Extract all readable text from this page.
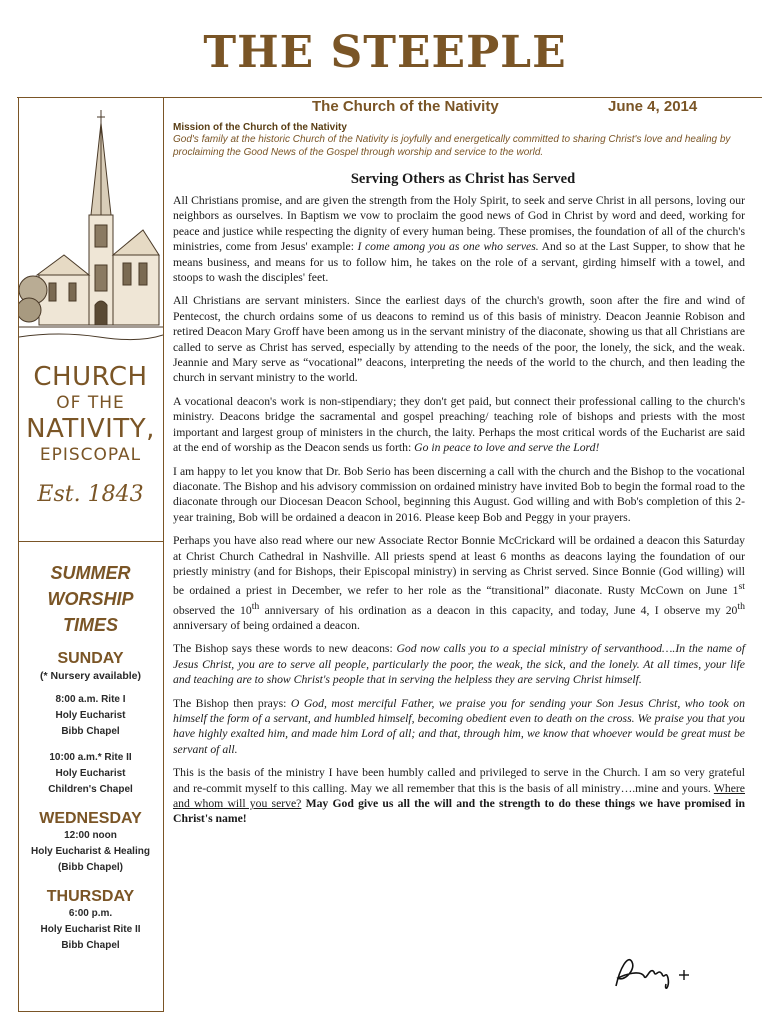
THE STEEPLE
CHURCH
OF THE
NATIVITY,
EPISCOPAL
Est. 1843
SUMMER
WORSHIP
TIMES
SUNDAY
(* Nursery available)
8:00 a.m. Rite I
Holy Eucharist
Bibb Chapel
10:00 a.m.* Rite II
Holy Eucharist
Children's Chapel
WEDNESDAY
12:00 noon
Holy Eucharist & Healing
(Bibb Chapel)
THURSDAY
6:00 p.m.
Holy Eucharist Rite II
Bibb Chapel
The Church of the Nativity	June 4, 2014
Mission of the Church of the Nativity
God's family at the historic Church of the Nativity is joyfully and energetically committed to sharing Christ's love and healing by proclaiming the Good News of the Gospel through worship and service to the world.
Serving Others as Christ has Served

All Christians promise, and are given the strength from the Holy Spirit, to seek and serve Christ in all persons, loving our neighbors as ourselves. In Baptism we vow to proclaim the good news of God in Christ by word and deed, working for peace and justice while respecting the dignity of every human being. These promises, the foundation of all of the church's ministries, come from Jesus' example: I come among you as one who serves. And so at the Last Supper, to show that he means business, and means for us to follow him, he takes on the role of a servant, girding himself with a towel, and stoops to wash the disciples' feet.

All Christians are servant ministers. Since the earliest days of the church's growth, soon after the fire and wind of Pentecost, the church ordains some of us deacons to remind us of this basis of ministry. Deacon Jeannie Robison and retired Deacon Mary Groff have been among us in the servant ministry of the diaconate, showing us that all Christians are called to serve as Christ has served, especially by attending to the needs of the poor, the lonely, the sick, and the weak. Jeannie and Mary serve as “vocational” deacons, interpreting the needs of the world to the church, and then leading the church in servant ministry to the world.

A vocational deacon's work is non-stipendiary; they don't get paid, but connect their professional calling to the church's ministry. Deacons bridge the sacramental and gospel preaching/ teaching role of bishops and priests with the most important and largest group of ministers in the church, the laity. Perhaps the most critical words of the Eucharist are said at the end of worship as the Deacon sends us forth: Go in peace to love and serve the Lord!

I am happy to let you know that Dr. Bob Serio has been discerning a call with the church and the Bishop to the vocational diaconate. The Bishop and his advisory commission on ordained ministry have invited Bob to begin the formal road to the diaconate through our Diocesan Deacon School, beginning this August. God willing and with Bob's completion of this 2-year training, Bob will be ordained a deacon in 2016. Please keep Bob and Peggy in your prayers.

Perhaps you have also read where our new Associate Rector Bonnie McCrickard will be ordained a deacon this Saturday at Christ Church Cathedral in Nashville. All priests spend at least 6 months as deacons laying the foundation of our priestly ministry (and for Bishops, their Episcopal ministry) in serving as Christ served. Since Bonnie (God willing) will be ordained a priest in December, we refer to her role as the “transitional” diaconate. Rusty McCown on June 1st observed the 10th anniversary of his ordination as a deacon in this capacity, and today, June 4, I observe my 20th anniversary of being ordained a deacon.

The Bishop says these words to new deacons: God now calls you to a special ministry of servanthood….In the name of Jesus Christ, you are to serve all people, particularly the poor, the weak, the sick, and the lonely. At all times, your life and teaching are to show Christ's people that in serving the helpless they are serving Christ himself.

The Bishop then prays: O God, most merciful Father, we praise you for sending your Son Jesus Christ, who took on himself the form of a servant, and humbled himself, becoming obedient even to death on the cross. We praise you that you have highly exalted him, and made him Lord of all; and that, through him, we know that whoever would be great must be servant of all.

This is the basis of the ministry I have been humbly called and privileged to serve in the Church. I am so very grateful and re-commit myself to this calling. May we all remember that this is the basis of all ministry….mine and yours. Where and whom will you serve? May God give us all the will and the strength to do these things we have promised in Christ's name!
